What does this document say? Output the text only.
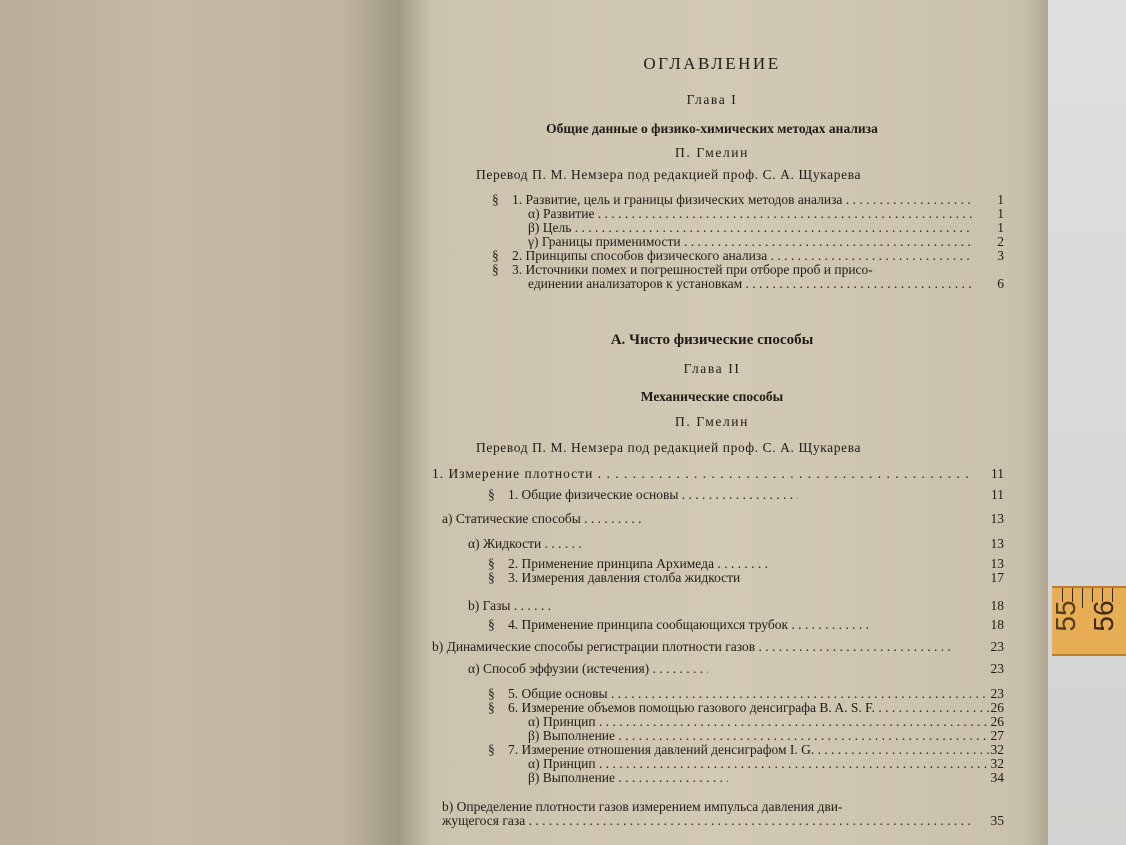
ОГЛАВЛЕНИЕ
Глава I
Общие данные о физико-химических методах анализа
П. Гмелин
Перевод П. М. Немзера под редакцией проф. С. А. Щукарева
§ 1. Развитие, цель и границы физических методов анализа . . .	1
α) Развитие . . .	1
β) Цель . . .	1
γ) Границы применимости . . .	2
§ 2. Принципы способов физического анализа . . .	3
§ 3. Источники помех и погрешностей при отборе проб и присо-
единении анализаторов к установкам . . .	6
А. Чисто физические способы
Глава II
Механические способы
П. Гмелин
Перевод П. М. Немзера под редакцией проф. С. А. Щукарева
1. Измерение плотности . . .	11
§ 1. Общие физические основы . . .	11
a) Статические способы . . .	13
α) Жидкости . . .	13
§ 2. Применение принципа Архимеда . . .	13
§ 3. Измерения давления столба жидкости	17
b) Газы . . .	18
§ 4. Применение принципа сообщающихся трубок . . .	18
b) Динамические способы регистрации плотности газов . . .	23
α) Способ эффузии (истечения) . . .	23
§ 5. Общие основы . . .	23
§ 6. Измерение объемов помощью газового денсиграфа B. A. S. F. . . .	26
α) Принцип . . .	26
β) Выполнение . . .	27
§ 7. Измерение отношения давлений денсиграфом I. G. . . .	32
α) Принцип . . .	32
β) Выполнение . . .	34
b) Определение плотности газов измерением импульса давления дви-
жущегося газа . . .	35
55 56
